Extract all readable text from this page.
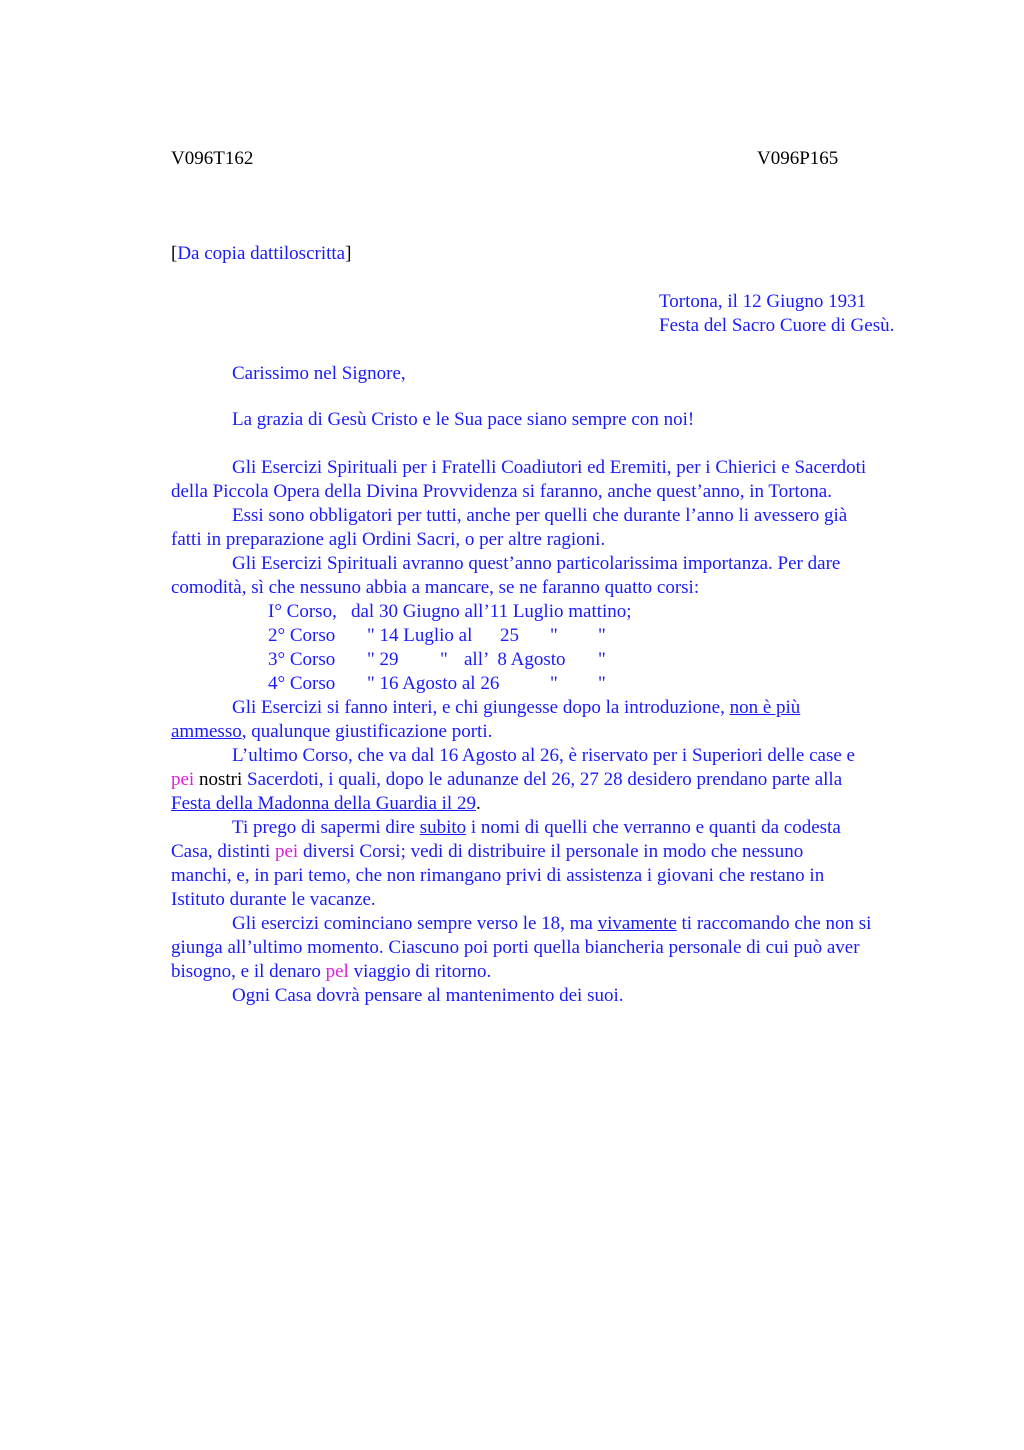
V096T162	V096P165
[Da copia dattiloscritta]
Tortona, il 12 Giugno 1931
Festa del Sacro Cuore di Gesù.
Carissimo nel Signore,
La grazia di Gesù Cristo e le Sua pace siano sempre con noi!
Gli Esercizi Spirituali per i Fratelli Coadiutori ed Eremiti, per i Chierici e Sacerdoti
della Piccola Opera della Divina Provvidenza si faranno, anche quest’anno, in Tortona.
Essi sono obbligatori per tutti, anche per quelli che durante l’anno li avessero già
fatti in preparazione agli Ordini Sacri, o per altre ragioni.
Gli Esercizi Spirituali avranno quest’anno particolarissima importanza. Per dare
comodità, sì che nessuno abbia a mancare, se ne faranno quatto corsi:
I° Corso, dal 30 Giugno all’11 Luglio mattino;
2° Corso " 14 Luglio al 25 " "
3° Corso " 29 " all’  8 Agosto "
4° Corso " 16 Agosto al 26	" "
Gli Esercizi si fanno interi, e chi giungesse dopo la introduzione, non è più
ammesso, qualunque giustificazione porti.
L’ultimo Corso, che va dal 16 Agosto al 26, è riservato per i Superiori delle case e
pei nostri Sacerdoti, i quali, dopo le adunanze del 26, 27 28 desidero prendano parte alla
Festa della Madonna della Guardia il 29.
Ti prego di sapermi dire subito i nomi di quelli che verranno e quanti da codesta
Casa, distinti pei diversi Corsi; vedi di distribuire il personale in modo che nessuno
manchi, e, in pari temo, che non rimangano privi di assistenza i giovani che restano in
Istituto durante le vacanze.
Gli esercizi cominciano sempre verso le 18, ma vivamente ti raccomando che non si
giunga all’ultimo momento. Ciascuno poi porti quella biancheria personale di cui può aver
bisogno, e il denaro pel viaggio di ritorno.
Ogni Casa dovrà pensare al mantenimento dei suoi.
